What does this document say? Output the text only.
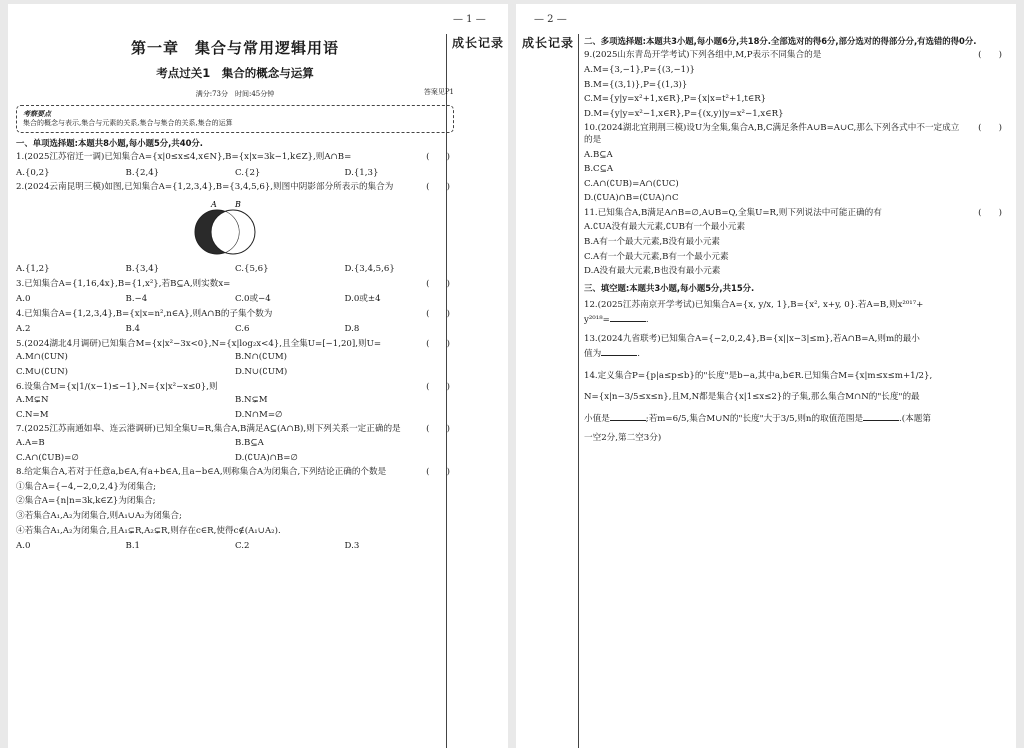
— 1 —
成长记录
第一章　集合与常用逻辑用语
考点过关1　集合的概念与运算
满分:73分　时间:45分钟	答案见P1
考察要点
集合的概念与表示,集合与元素的关系,集合与集合的关系,集合的运算
一、单项选择题:本题共8小题,每小题5分,共40分.
1.(2025江苏宿迁一调)已知集合A={x|0≤x≤4,x∈N},B={x|x=3k−1,k∈Z},则A∩B=	(　　)
A.{0,2}	B.{2,4}	C.{2}	D.{1,3}
2.(2024云南昆明三模)如图,已知集合A={1,2,3,4},B={3,4,5,6},则图中阴影部分所表示的集合为	(　　)
A B
A.{1,2}	B.{3,4}	C.{5,6}	D.{3,4,5,6}
3.已知集合A={1,16,4x},B={1,x²},若B⊆A,则实数x=	(　　)
A.0	B.−4	C.0或−4	D.0或±4
4.已知集合A={1,2,3,4},B={x|x=n²,n∈A},则A∩B的子集个数为	(　　)
A.2	B.4	C.6	D.8
5.(2024湖北4月调研)已知集合M={x|x²−3x<0},N={x|log₂x<4},且全集U=[−1,20],则U=	(　　)
A.M∩(∁UN)	B.N∩(∁UM)
C.M∪(∁UN)	D.N∪(∁UM)
6.设集合M={x|1/(x−1)≤−1},N={x|x²−x≤0},则	(　　)
A.M⊊N	B.N⊊M
C.N=M	D.N∩M=∅
7.(2025江苏南通如皋、连云港调研)已知全集U=R,集合A,B满足A⊆(A∩B),则下列关系一定正确的是	(　　)
A.A=B	B.B⊆A
C.A∩(∁UB)=∅	D.(∁UA)∩B=∅
8.给定集合A,若对于任意a,b∈A,有a+b∈A,且a−b∈A,则称集合A为闭集合,下列结论正确的个数是	(　　)
①集合A={−4,−2,0,2,4}为闭集合;
②集合A={n|n=3k,k∈Z}为闭集合;
③若集合A₁,A₂为闭集合,则A₁∪A₂为闭集合;
④若集合A₁,A₂为闭集合,且A₁⊊R,A₂⊊R,则存在c∈R,使得c∉(A₁∪A₂).
A.0	B.1	C.2	D.3
— 2 —
成长记录 二、多项选择题:本题共3小题,每小题6分,共18分.全部选对的得6分,部分选对的得部分分,有选错的得0分.
9.(2025山东青岛开学考试)下列各组中,M,P表示不同集合的是	(　　)
A.M={3,−1},P={(3,−1)}
B.M={(3,1)},P={(1,3)}
C.M={y|y=x²+1,x∈R},P={x|x=t²+1,t∈R}
D.M={y|y=x²−1,x∈R},P={(x,y)|y=x²−1,x∈R}
10.(2024湖北宜荆荆三模)设U为全集,集合A,B,C满足条件A∪B=A∪C,那么下列各式中不一定成立的是
(　　)
A.B⊆A
B.C⊆A
C.A∩(∁UB)=A∩(∁UC)
D.(∁UA)∩B=(∁UA)∩C
11.已知集合A,B满足A∩B=∅,A∪B=Q,全集U=R,则下列说法中可能正确的有	(　　)
A.∁UA没有最大元素,∁UB有一个最小元素
B.A有一个最大元素,B没有最小元素
C.A有一个最大元素,B有一个最小元素
D.A没有最大元素,B也没有最小元素
三、填空题:本题共3小题,每小题5分,共15分.
12.(2025江苏南京开学考试)已知集合A={x, y/x, 1},B={x², x+y, 0}.若A=B,则x²⁰¹⁷+
y²⁰¹⁸=	.
13.(2024九省联考)已知集合A={−2,0,2,4},B={x||x−3|≤m},若A∩B=A,则m的最小
值为	.
14.定义集合P={p|a≤p≤b}的"长度"是b−a,其中a,b∈R.已知集合M={x|m≤x≤m+1/2},
N={x|n−3/5≤x≤n},且M,N都是集合{x|1≤x≤2}的子集,那么集合M∩N的"长度"的最
小值是	;若m=6/5,集合M∪N的"长度"大于3/5,则n的取值范围是	.(本题第
一空2分,第二空3分)
